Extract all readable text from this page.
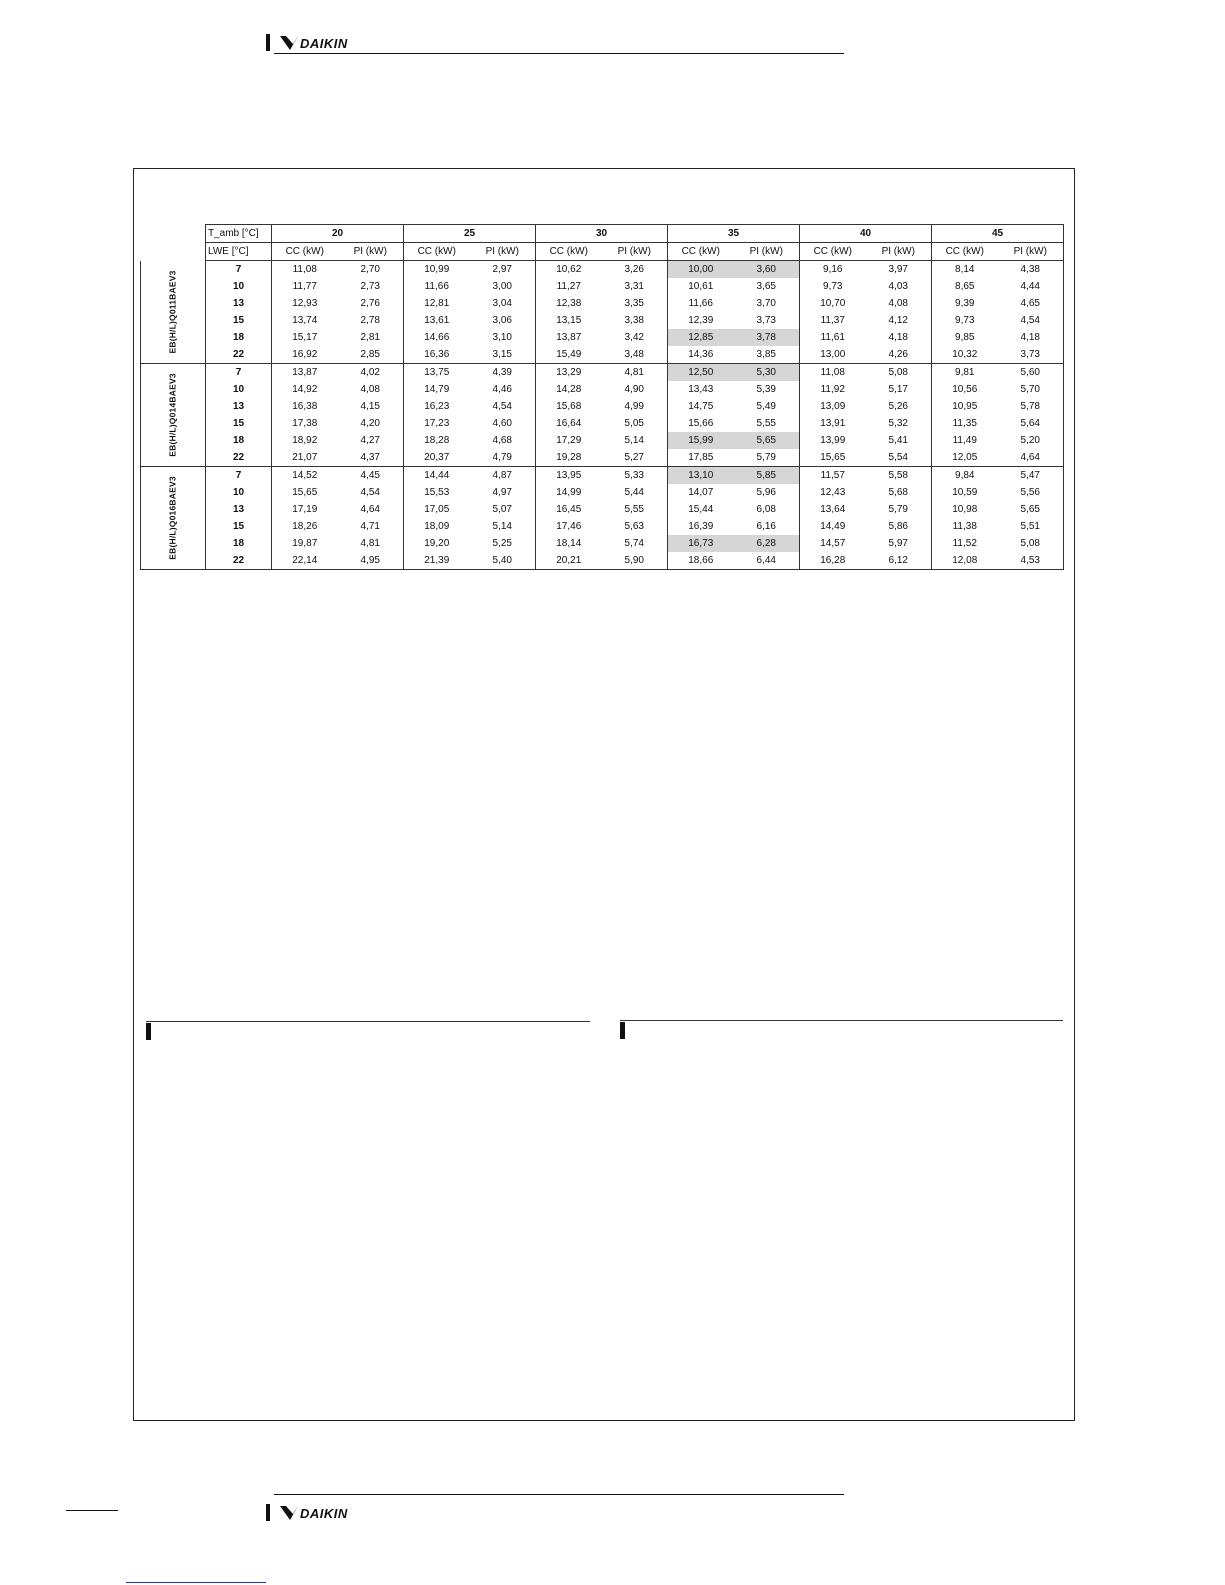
DAIKIN
	T_amb [°C]	20		25		30		35		40		45	
	LWE [°C]	CC (kW)	PI (kW)	CC (kW)	PI (kW)	CC (kW)	PI (kW)	CC (kW)	PI (kW)	CC (kW)	PI (kW)	CC (kW)	PI (kW)

EB(H/L)Q011BAEV3	7	11,08	2,70	10,99	2,97	10,62	3,26	10,00	3,60	9,16	3,97	8,14	4,38
	10	11,77	2,73	11,66	3,00	11,27	3,31	10,61	3,65	9,73	4,03	8,65	4,44
	13	12,93	2,76	12,81	3,04	12,38	3,35	11,66	3,70	10,70	4,08	9,39	4,65
	15	13,74	2,78	13,61	3,06	13,15	3,38	12,39	3,73	11,37	4,12	9,73	4,54
	18	15,17	2,81	14,66	3,10	13,87	3,42	12,85	3,78	11,61	4,18	9,85	4,18
	22	16,92	2,85	16,36	3,15	15,49	3,48	14,36	3,85	13,00	4,26	10,32	3,73

EB(H/L)Q014BAEV3	7	13,87	4,02	13,75	4,39	13,29	4,81	12,50	5,30	11,08	5,08	9,81	5,60
	10	14,92	4,08	14,79	4,46	14,28	4,90	13,43	5,39	11,92	5,17	10,56	5,70
	13	16,38	4,15	16,23	4,54	15,68	4,99	14,75	5,49	13,09	5,26	10,95	5,78
	15	17,38	4,20	17,23	4,60	16,64	5,05	15,66	5,55	13,91	5,32	11,35	5,64
	18	18,92	4,27	18,28	4,68	17,29	5,14	15,99	5,65	13,99	5,41	11,49	5,20
	22	21,07	4,37	20,37	4,79	19,28	5,27	17,85	5,79	15,65	5,54	12,05	4,64

EB(H/L)Q016BAEV3	7	14,52	4,45	14,44	4,87	13,95	5,33	13,10	5,85	11,57	5,58	9,84	5,47
	10	15,65	4,54	15,53	4,97	14,99	5,44	14,07	5,96	12,43	5,68	10,59	5,56
	13	17,19	4,64	17,05	5,07	16,45	5,55	15,44	6,08	13,64	5,79	10,98	5,65
	15	18,26	4,71	18,09	5,14	17,46	5,63	16,39	6,16	14,49	5,86	11,38	5,51
	18	19,87	4,81	19,20	5,25	18,14	5,74	16,73	6,28	14,57	5,97	11,52	5,08
	22	22,14	4,95	21,39	5,40	20,21	5,90	18,66	6,44	16,28	6,12	12,08	4,53
DAIKIN
